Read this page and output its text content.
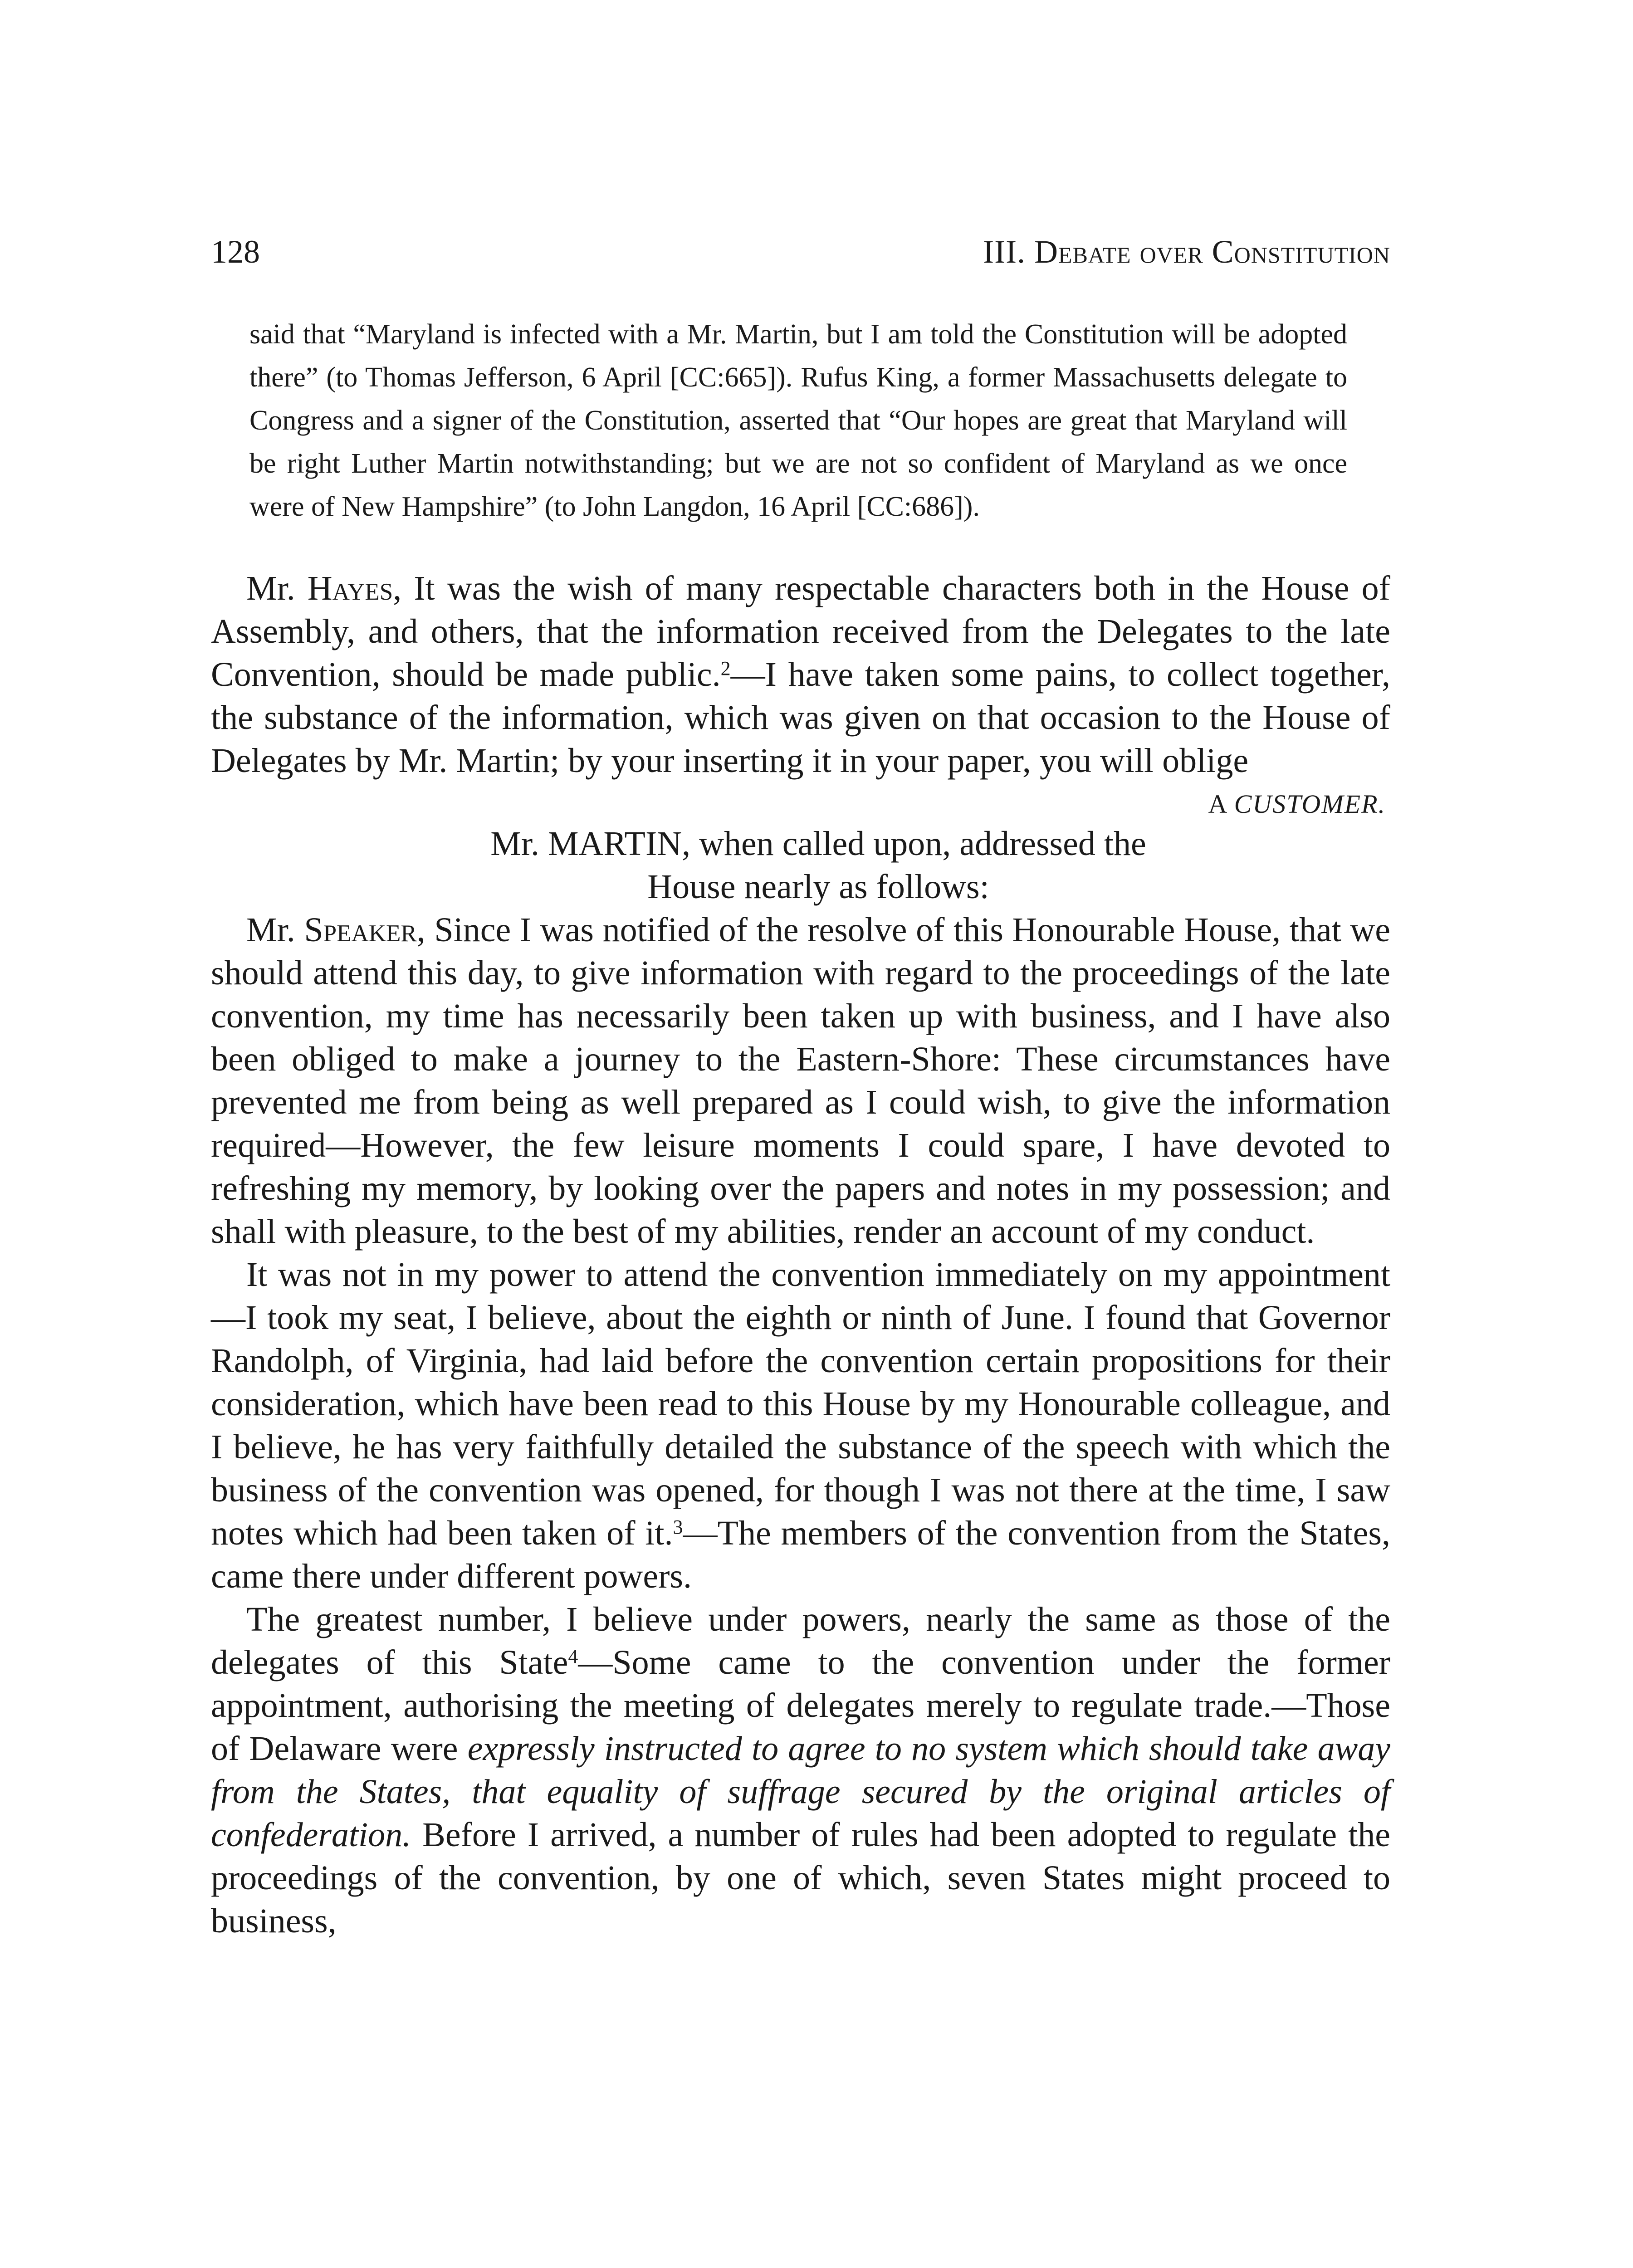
128	III. Debate over Constitution

said that “Maryland is infected with a Mr. Martin, but I am told the Constitution will be adopted there” (to Thomas Jefferson, 6 April [CC:665]). Rufus King, a former Massachusetts delegate to Congress and a signer of the Constitution, asserted that “Our hopes are great that Maryland will be right Luther Martin notwithstanding; but we are not so confident of Maryland as we once were of New Hampshire” (to John Langdon, 16 April [CC:686]).

Mr. Hayes, It was the wish of many respectable characters both in the House of Assembly, and others, that the information received from the Delegates to the late Convention, should be made public.$^2$—I have taken some pains, to collect together, the substance of the information, which was given on that occasion to the House of Delegates by Mr. Martin; by your inserting it in your paper, you will oblige

A CUSTOMER.

Mr. MARTIN, when called upon, addressed the

House nearly as follows:

Mr. Speaker, Since I was notified of the resolve of this Honourable House, that we should attend this day, to give information with regard to the proceedings of the late convention, my time has necessarily been taken up with business, and I have also been obliged to make a journey to the Eastern-Shore: These circumstances have prevented me from being as well prepared as I could wish, to give the information required—However, the few leisure moments I could spare, I have devoted to refreshing my memory, by looking over the papers and notes in my possession; and shall with pleasure, to the best of my abilities, render an account of my conduct.

It was not in my power to attend the convention immediately on my appointment—I took my seat, I believe, about the eighth or ninth of June. I found that Governor Randolph, of Virginia, had laid before the convention certain propositions for their consideration, which have been read to this House by my Honourable colleague, and I believe, he has very faithfully detailed the substance of the speech with which the business of the convention was opened, for though I was not there at the time, I saw notes which had been taken of it.$^3$—The members of the convention from the States, came there under different powers.

The greatest number, I believe under powers, nearly the same as those of the delegates of this State$^4$—Some came to the convention under the former appointment, authorising the meeting of delegates merely to regulate trade.—Those of Delaware were expressly instructed to agree to no system which should take away from the States, that equality of suffrage secured by the original articles of confederation. Before I arrived, a number of rules had been adopted to regulate the proceedings of the convention, by one of which, seven States might proceed to business,
